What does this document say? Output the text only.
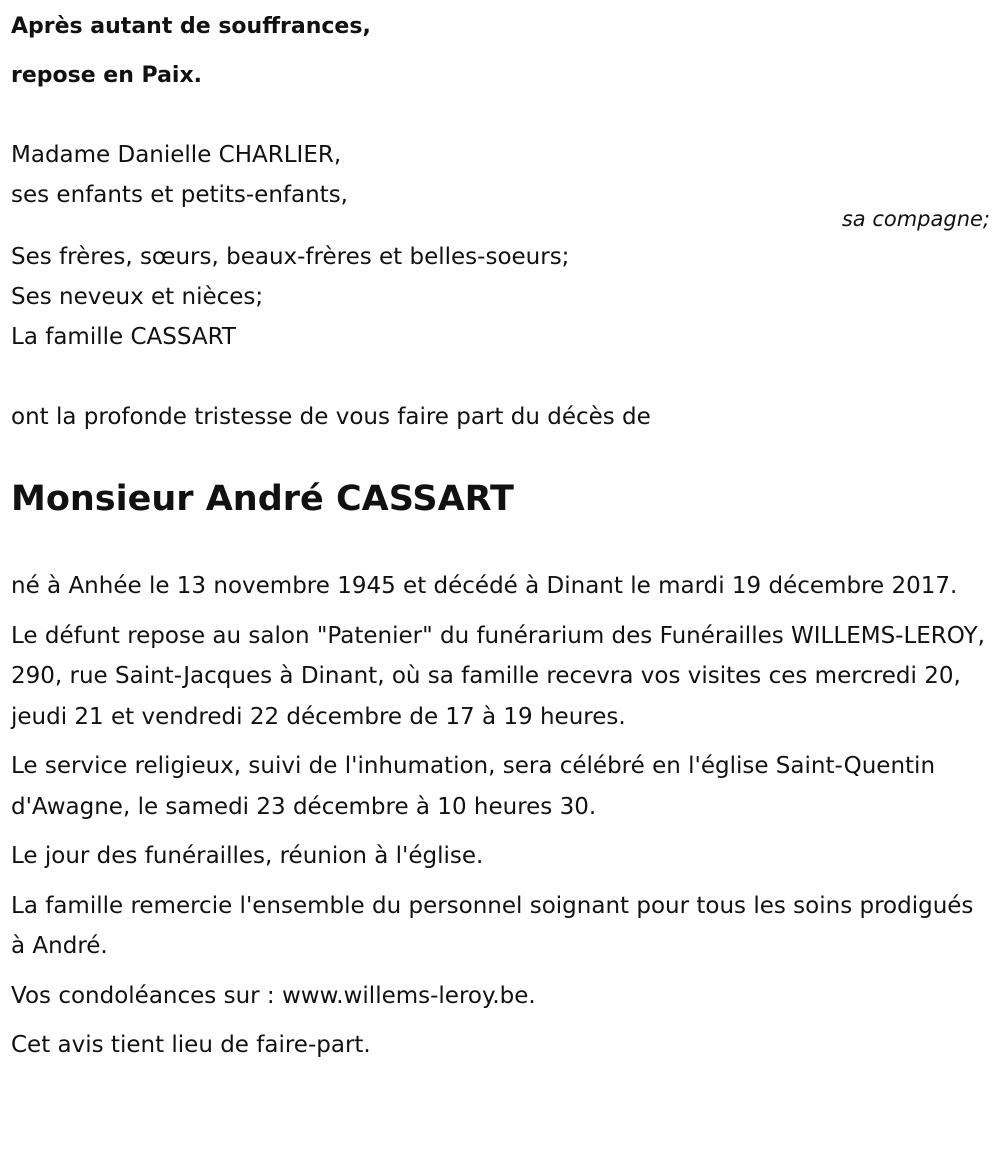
Après autant de souffrances,
repose en Paix.
Madame Danielle CHARLIER,
ses enfants et petits-enfants,
sa compagne;
Ses frères, sœurs, beaux-frères et belles-soeurs;
Ses neveux et nièces;
La famille CASSART
ont la profonde tristesse de vous faire part du décès de
Monsieur André CASSART

né à Anhée le 13 novembre 1945 et décédé à Dinant le mardi 19 décembre 2017.

Le défunt repose au salon "Patenier" du funérarium des Funérailles WILLEMS-LEROY, 290, rue Saint-Jacques à Dinant, où sa famille recevra vos visites ces mercredi 20, jeudi 21 et vendredi 22 décembre de 17 à 19 heures.

Le service religieux, suivi de l'inhumation, sera célébré en l'église Saint-Quentin d'Awagne, le samedi 23 décembre à 10 heures 30.

Le jour des funérailles, réunion à l'église.

La famille remercie l'ensemble du personnel soignant pour tous les soins prodigués à André.

Vos condoléances sur : www.willems-leroy.be.

Cet avis tient lieu de faire-part.
